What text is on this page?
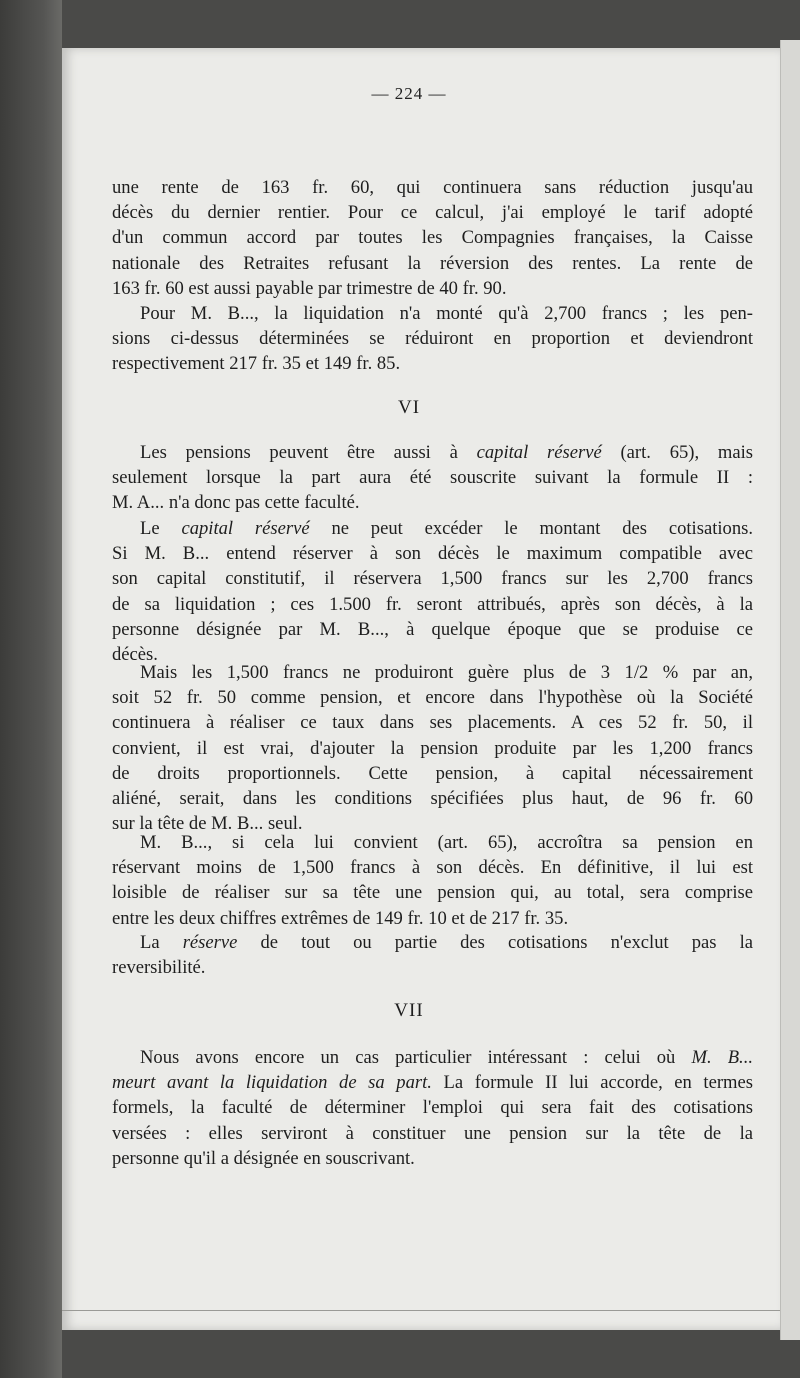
— 224 —

une rente de 163 fr. 60, qui continuera sans réduction jusqu'au
décès du dernier rentier. Pour ce calcul, j'ai employé le tarif adopté
d'un commun accord par toutes les Compagnies françaises, la Caisse
nationale des Retraites refusant la réversion des rentes. La rente de
163 fr. 60 est aussi payable par trimestre de 40 fr. 90.

Pour M. B..., la liquidation n'a monté qu'à 2,700 francs ; les pen-
sions ci-dessus déterminées se réduiront en proportion et deviendront
respectivement 217 fr. 35 et 149 fr. 85.

VI

Les pensions peuvent être aussi à capital réservé (art. 65), mais
seulement lorsque la part aura été souscrite suivant la formule II :
M. A... n'a donc pas cette faculté.

Le capital réservé ne peut excéder le montant des cotisations.
Si M. B... entend réserver à son décès le maximum compatible avec
son capital constitutif, il réservera 1,500 francs sur les 2,700 francs
de sa liquidation ; ces 1.500 fr. seront attribués, après son décès, à la
personne désignée par M. B..., à quelque époque que se produise ce
décès.

Mais les 1,500 francs ne produiront guère plus de 3 1/2 % par an,
soit 52 fr. 50 comme pension, et encore dans l'hypothèse où la Société
continuera à réaliser ce taux dans ses placements. A ces 52 fr. 50, il
convient, il est vrai, d'ajouter la pension produite par les 1,200 francs
de droits proportionnels. Cette pension, à capital nécessairement
aliéné, serait, dans les conditions spécifiées plus haut, de 96 fr. 60
sur la tête de M. B... seul.

M. B..., si cela lui convient (art. 65), accroîtra sa pension en
réservant moins de 1,500 francs à son décès. En définitive, il lui est
loisible de réaliser sur sa tête une pension qui, au total, sera comprise
entre les deux chiffres extrêmes de 149 fr. 10 et de 217 fr. 35.

La réserve de tout ou partie des cotisations n'exclut pas la
reversibilité.

VII

Nous avons encore un cas particulier intéressant : celui où M. B...
meurt avant la liquidation de sa part. La formule II lui accorde, en termes
formels, la faculté de déterminer l'emploi qui sera fait des cotisations
versées : elles serviront à constituer une pension sur la tête de la
personne qu'il a désignée en souscrivant.
